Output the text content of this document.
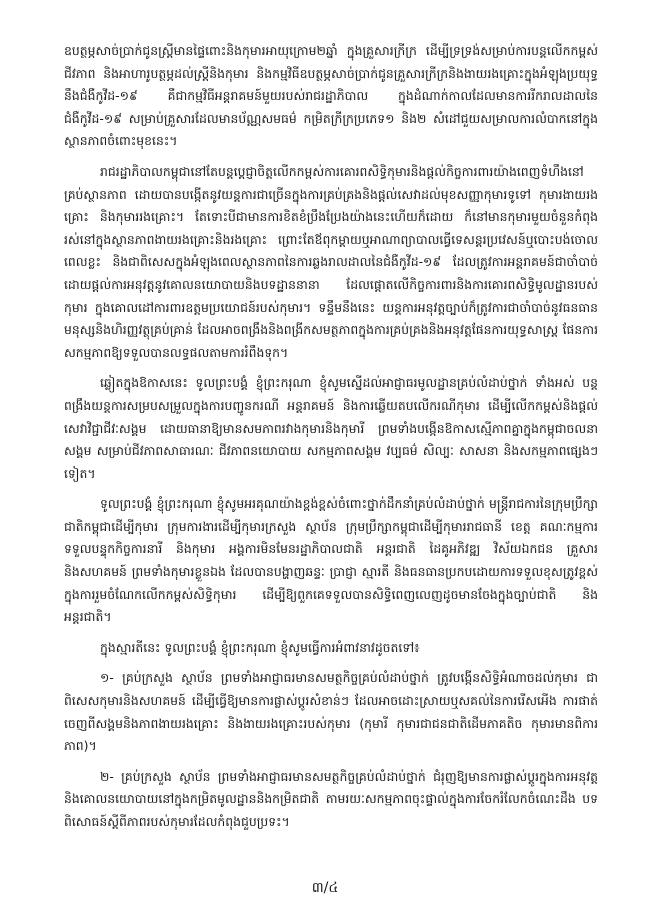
ឧបត្ថម្ភសាច់ប្រាក់ជូនស្ត្រីមានផ្ទៃពោះនិងកុមារអាយុក្រោម២ឆ្នាំ ក្នុងគ្រួសារក្រីក្រ ដើម្បីទ្រទ្រង់សម្រាប់ការបន្តលើកកម្ពស់ជីវភាព និងអាហារូបត្ថម្ភដល់ស្ត្រីនិងកុមារ និងកម្មវិធីឧបត្ថម្ភសាច់ប្រាក់ជូនគ្រួសារក្រីក្រនិងងាយរងគ្រោះក្នុងអំឡុងប្រយុទ្ធនឹងជំងឺកូវីដ-១៩ គឺជាកម្មវិធីអន្តរាគមន៍មួយរបស់រាជរដ្ឋាភិបាល ក្នុងដំណាក់កាលដែលមានការរីករាលដាលនៃជំងឺកូវីដ-១៩ សម្រាប់គ្រួសារដែលមានប័ណ្ណសមធម៌ កម្រិតក្រីក្រប្រភេទ១ និង២ សំដៅជួយសម្រាលការលំបាកនៅក្នុងស្ថានភាពចំពោះមុខនេះ។

រាជរដ្ឋាភិបាលកម្ពុជានៅតែបន្តប្តេជ្ញាចិត្តលើកកម្ពស់ការគោរពសិទ្ធិកុមារនិងផ្តល់កិច្ចការពារយ៉ាងពេញទំហឹងនៅគ្រប់ស្ថានភាព ដោយបានបង្កើតនូវយន្តការជាច្រើនក្នុងការគ្រប់គ្រងនិងផ្តល់សេវាដល់មុខសញ្ញាកុមារទូទៅ កុមារងាយរងគ្រោះ និងកុមាររងគ្រោះ។ តែទោះបីជាមានការខិតខំប្រឹងប្រែងយ៉ាងនេះហើយក៏ដោយ ក៏នៅមានកុមារមួយចំនួនកំពុងរស់នៅក្នុងស្ថានភាពងាយរងគ្រោះនិងរងគ្រោះ ព្រោះតែឪពុកម្តាយឬអាណាព្យាបាលធ្វើទេសន្តរប្រវេសន៍ឬបោះបង់ចោលពេលខ្លះ និងជាពិសេសក្នុងអំឡុងពេលស្ថានភាពនៃការឆ្លងរាលដាលនៃជំងឺកូវីដ-១៩ ដែលត្រូវការអន្តរាគមន៍ជាចាំបាច់ ដោយផ្តល់ការអនុវត្តនូវគោលនយោបាយនិងបទដ្ឋាននានា ដែលផ្តោតលើកិច្ចការពារនិងការគោរពសិទ្ធិមូលដ្ឋានរបស់កុមារ ក្នុងគោលដៅការពារឧត្តមប្រយោជន៍របស់កុមារ។ ទន្ទឹមនឹងនេះ យន្តការអនុវត្តច្បាប់ក៏ត្រូវការជាចាំបាច់នូវធនធានមនុស្សនិងហិរញ្ញវត្ថុគ្រប់គ្រាន់ ដែលអាចពង្រឹងនិងពង្រីកសមត្ថភាពក្នុងការគ្រប់គ្រងនិងអនុវត្តផែនការយុទ្ធសាស្ត្រ ផែនការសកម្មភាពឱ្យទទួលបានលទ្ធផលតាមការរំពឹងទុក។

ឆ្លៀតក្នុងឱកាសនេះ ទូលព្រះបង្គំ ខ្ញុំព្រះករុណា ខ្ញុំសូមស្នើដល់អាជ្ញាធរមូលដ្ឋានគ្រប់លំដាប់ថ្នាក់ ទាំងអស់ បន្តពង្រឹងយន្តការសម្របសម្រួលក្នុងការបញ្ជូនករណី អន្តរាគមន៍ និងការឆ្លើយតបលើករណីកុមារ ដើម្បីលើកកម្ពស់និងផ្តល់សេវាវិជ្ជាជីវៈសង្គម ដោយធានាឱ្យមានសមភាពរវាងកុមារនិងកុមារី ព្រមទាំងបង្កើនឱកាសស្មើភាពគ្នាក្នុងកម្ពុជាចលនាសង្គម សម្រាប់ជីវភាពសាធារណៈ ជីវភាពនយោបាយ សកម្មភាពសង្គម វប្បធម៌ សិល្បៈ សាសនា និងសកម្មភាពផ្សេងៗទៀត។

ទូលព្រះបង្គំ ខ្ញុំព្រះករុណា ខ្ញុំសូមអរគុណយ៉ាងខ្ពង់ខ្ពស់ចំពោះថ្នាក់ដឹកនាំគ្រប់លំដាប់ថ្នាក់ មន្ត្រីរាជការនៃក្រុមប្រឹក្សាជាតិកម្ពុជាដើម្បីកុមារ ក្រុមការងារដើម្បីកុមារក្រសួង ស្ថាប័ន ក្រុមប្រឹក្សាកម្ពុជាដើម្បីកុមាររាជធានី ខេត្ត គណៈកម្មការទទួលបន្ទុកកិច្ចការនារី និងកុមារ អង្គការមិនមែនរដ្ឋាភិបាលជាតិ អន្តរជាតិ ដៃគូអភិវឌ្ឍ វិស័យឯកជន គ្រួសារ និងសហគមន៍ ព្រមទាំងកុមារខ្លួនឯង ដែលបានបង្ហាញឆន្ទៈ ប្រាជ្ញា ស្មារតី និងធនធានប្រកបដោយការទទួលខុសត្រូវខ្ពស់ ក្នុងការរួមចំណែកលើកកម្ពស់សិទ្ធិកុមារ ដើម្បីឱ្យពួកគេទទួលបានសិទ្ធិពេញលេញដូចមានចែងក្នុងច្បាប់ជាតិ និងអន្តរជាតិ។

ក្នុងស្មារតីនេះ ទូលព្រះបង្គំ ខ្ញុំព្រះករុណា ខ្ញុំសូមធ្វើការអំពាវនាវដូចតទៅ៖

១- គ្រប់ក្រសួង ស្ថាប័ន ព្រមទាំងអាជ្ញាធរមានសមត្ថកិច្ចគ្រប់លំដាប់ថ្នាក់ ត្រូវបង្កើនសិទ្ធិអំណាចដល់កុមារ ជាពិសេសកុមារនិងសហគមន៍ ដើម្បីធ្វើឱ្យមានការផ្លាស់ប្តូរសំខាន់ៗ ដែលអាចដោះស្រាយឬសគល់នៃការរើសអើង ការផាត់ចេញពីសង្គមនិងភាពងាយរងគ្រោះ និងងាយរងគ្រោះរបស់កុមារ (កុមារី កុមារជាជនជាតិដើមភាគតិច កុមារមានពិការភាព)។

២- គ្រប់ក្រសួង ស្ថាប័ន ព្រមទាំងអាជ្ញាធរមានសមត្ថកិច្ចគ្រប់លំដាប់ថ្នាក់ ជំរុញឱ្យមានការផ្លាស់ប្តូរក្នុងការអនុវត្តនិងគោលនយោបាយនៅក្នុងកម្រិតមូលដ្ឋាននិងកម្រិតជាតិ តាមរយៈសកម្មភាពចុះផ្ទាល់ក្នុងការចែករំលែកចំណេះដឹង បទពិសោធន៍ស្តីពីភាពរបស់កុមារដែលកំពុងជួបប្រទះ។

៣/៤
